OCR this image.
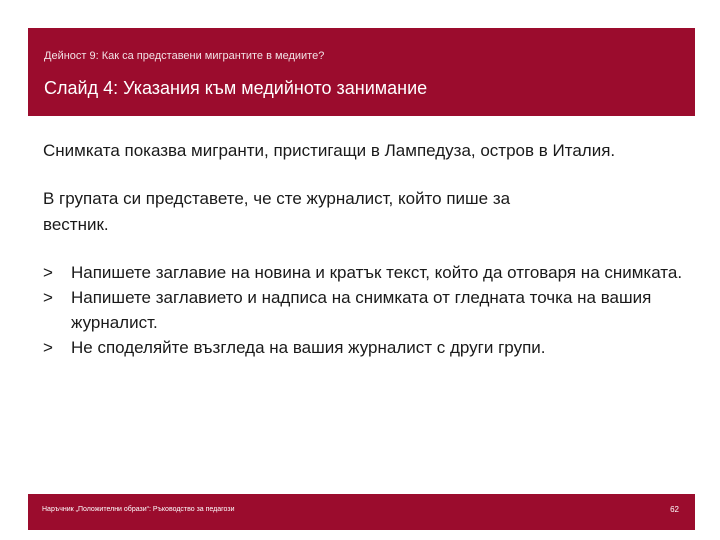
Дейност 9: Как са представени мигрантите в медиите?
Слайд 4: Указания към медийното занимание

Снимката показва мигранти, пристигащи в Лампедуза, остров в Италия.

В групата си представете, че сте журналист, който пише за вестник.

> Напишете заглавие на новина и кратък текст, който да отговаря на снимката.
> Напишете заглавието и надписа на снимката от гледната точка на вашия журналист.
> Не споделяйте възгледа на вашия журналист с други групи.
Наръчник „Положителни образи“: Ръководство за педагози	62
